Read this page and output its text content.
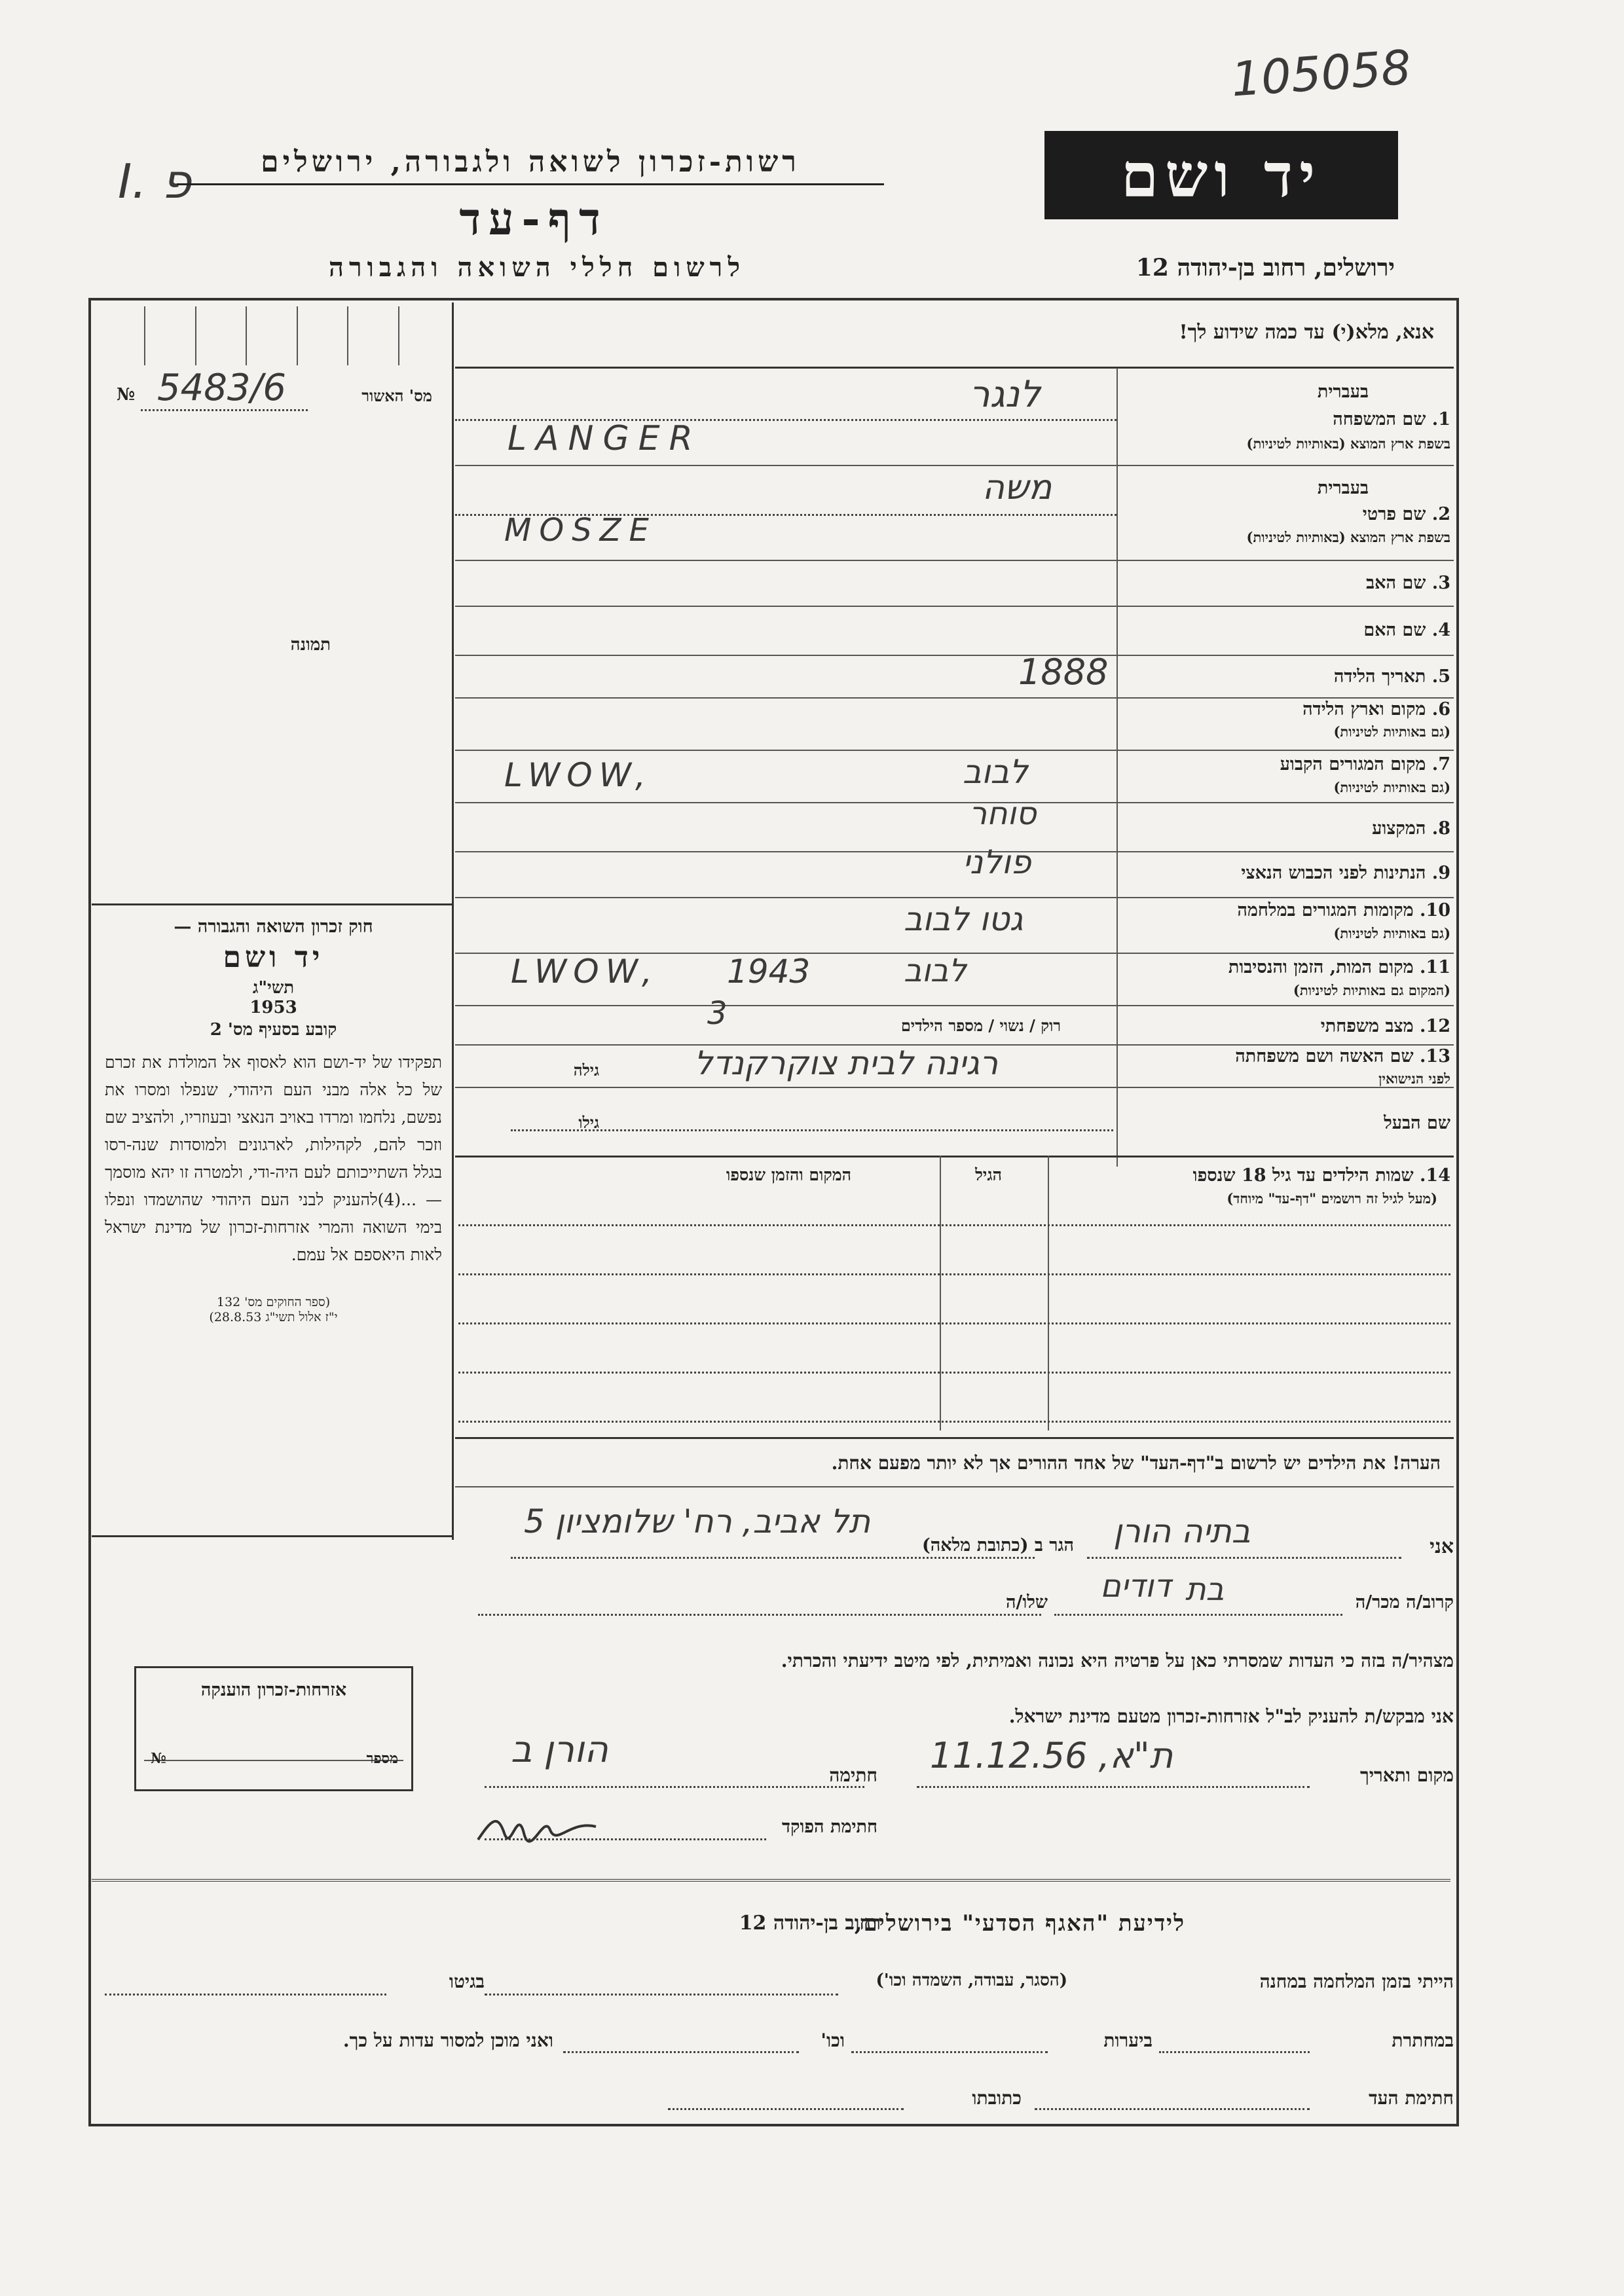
105058
I. פ	רשות-זכרון לשואה ולגבורה, ירושלים
דף-עד
לרשום חללי השואה והגבורה
יד ושם
ירושלים, רחוב בן-יהודה 12
אנא, מלא(י) עד כמה שידוע לך!
מס' האשור
№ 5483/6
תמונה
חוק זכרון השואה והגבורה —
יד ושם
תשי"ג
1953
קובע בסעיף מס' 2
תפקידו של יד-ושם הוא לאסוף אל המולדת את זכרם של כל אלה מבני העם היהודי, שנפלו ומסרו את נפשם, נלחמו ומרדו באויב הנאצי ובעוזריו, ולהציב שם וזכר להם, לקהילות, לארגונים ולמוסדות שנה-רסו בגלל השתייכותם לעם היה-ודי, ולמטרה זו יהא מוסמך — ...(4)להעניק לבני העם היהודי שהושמדו ונפלו בימי השואה והמרי אזרחות-זכרון של מדינת ישראל לאות היאספם אל עמם.
(ספר החוקים מס' 132
י"ז אלול תשי"ג 28.8.53)
בעברית
1. שם המשפחה
בשפת ארץ המוצא (באותיות לטיניות)
לנגר
LANGER
בעברית
2. שם פרטי
בשפת ארץ המוצא (באותיות לטיניות)
משה
MOSZE
3. שם האב
4. שם האם
5. תאריך הלידה
1888
6. מקום וארץ הלידה
(גם באותיות לטיניות)
7. מקום המגורים הקבוע
(גם באותיות לטיניות)
LWOW,	לבוב
8. המקצוע
סוחר
9. הנתינות לפני הכבוש הנאצי
פולני
10. מקומות המגורים במלחמה
(גם באותיות לטיניות)
גטו לבוב
11. מקום המות, הזמן והנסיבות
(המקום גם באותיות לטיניות)
LWOW, 1943	לבוב
12. מצב משפחתי
רוק / נשוי / מספר הילדים
3
13. שם האשה ושם משפחתה
לפני הנישואין
גילה	רגינה לבית צוקרקנדל
שם הבעל
גילו
14. שמות הילדים עד גיל 18 שנספו
(מעל לגיל זה רושמים "דף-עד" מיוחד)
הגיל
המקום והזמן שנספו
הערה! את הילדים יש לרשום ב"דף-העד" של אחד ההורים אך לא יותר מפעם אחת.
אזרחות-זכרון הוענקה
מספר
№
אני
בתיה הורן
הגר ב (כתובת מלאה)
תל אביב, רח' שלומציון 5
קרוב/ה מכר/ה
בת
דודים
שלו/ה
מצהיר/ה בזה כי העדות שמסרתי כאן על פרטיה היא נכונה ואמיתית, לפי מיטב ידיעתי והכרתי.
אני מבקש/ת להעניק לב"ל אזרחות-זכרון מטעם מדינת ישראל.
מקום ותאריך
ת"א, 11.12.56
חתימה
הורן ב
חתימת הפוקד
לידיעת "האגף הסדעי" בירושלים,
רחוב בן-יהודה 12
הייתי בזמן המלחמה במחנה
(הסגר, עבודה, השמדה וכו')
בגיטו
במחתרת
ביערות
וכו'
ואני מוכן למסור עדות על כך.
חתימת העד
כתובתו
